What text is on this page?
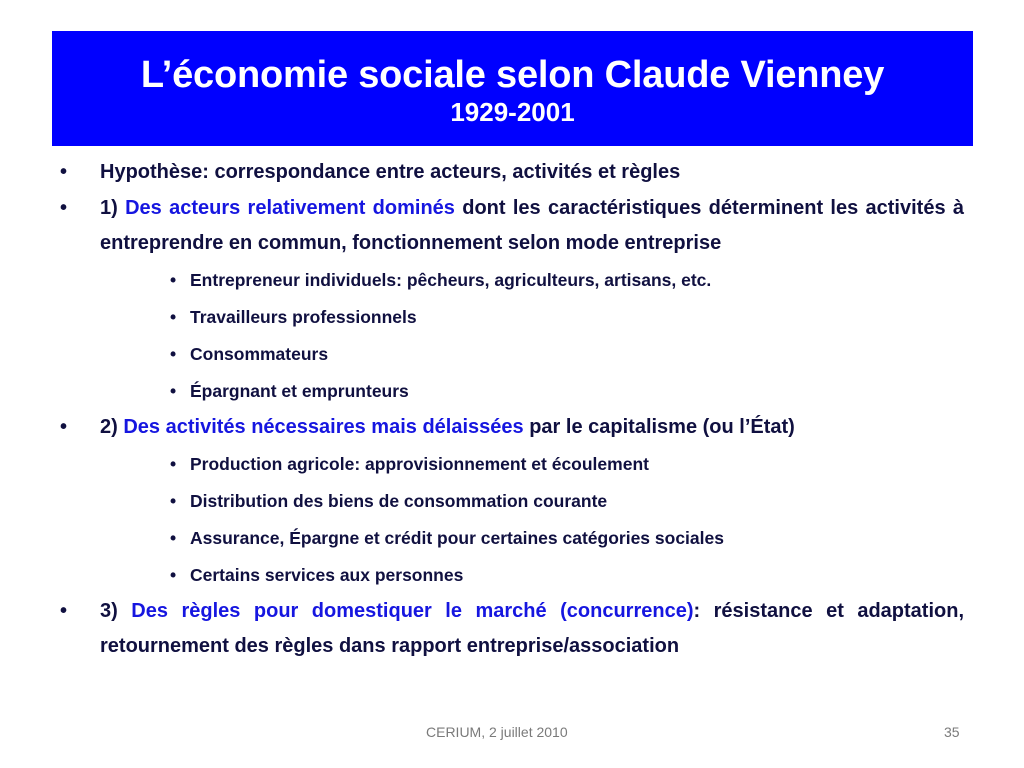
L’économie sociale selon Claude Vienney
1929-2001
• Hypothèse: correspondance entre acteurs, activités et règles
• 1) Des acteurs relativement dominés dont les caractéristiques déterminent les activités à entreprendre en commun, fonctionnement selon mode entreprise
• Entrepreneur individuels: pêcheurs, agriculteurs, artisans, etc.
• Travailleurs professionnels
• Consommateurs
• Épargnant et emprunteurs
• 2) Des activités nécessaires mais délaissées par le capitalisme (ou l’État)
• Production agricole: approvisionnement et écoulement
• Distribution des biens de consommation courante
• Assurance, Épargne et crédit pour certaines catégories sociales
• Certains services aux personnes
• 3) Des règles pour domestiquer le marché (concurrence): résistance et adaptation, retournement des règles dans rapport entreprise/association
CERIUM, 2 juillet 2010	35
